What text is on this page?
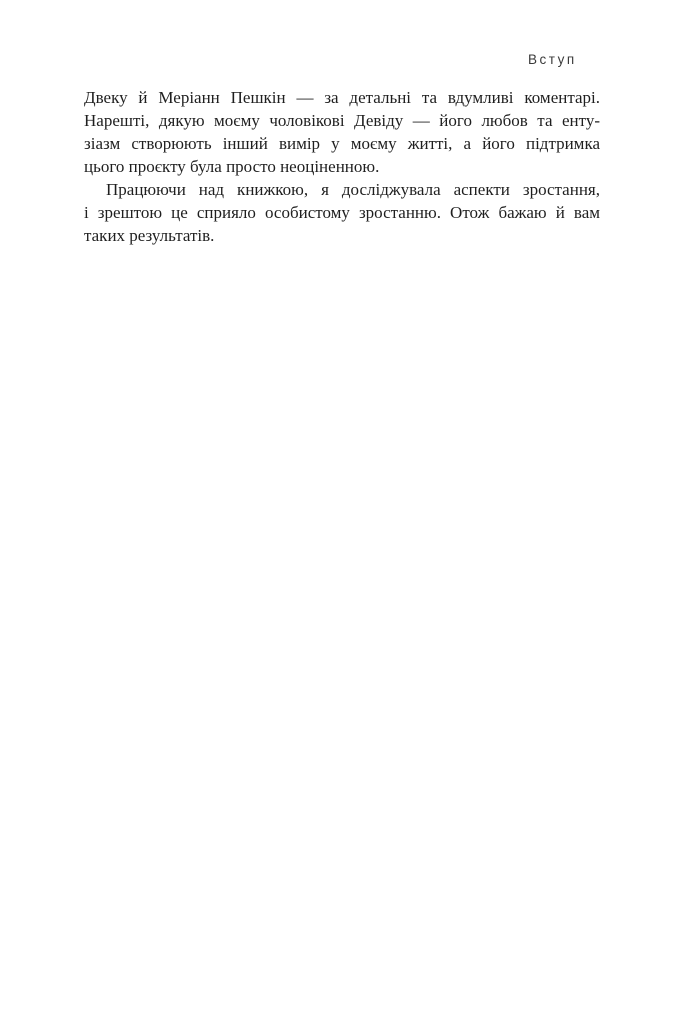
Вступ
Двеку й Меріанн Пешкін — за детальні та вдумливі коментарі.
Нарешті, дякую моєму чоловікові Девіду — його любов та енту-
зіазм створюють інший вимір у моєму житті, а його підтримка
цього проєкту була просто неоціненною.
Працюючи над книжкою, я досліджувала аспекти зростання,
і зрештою це сприяло особистому зростанню. Отож бажаю й вам
таких результатів.
